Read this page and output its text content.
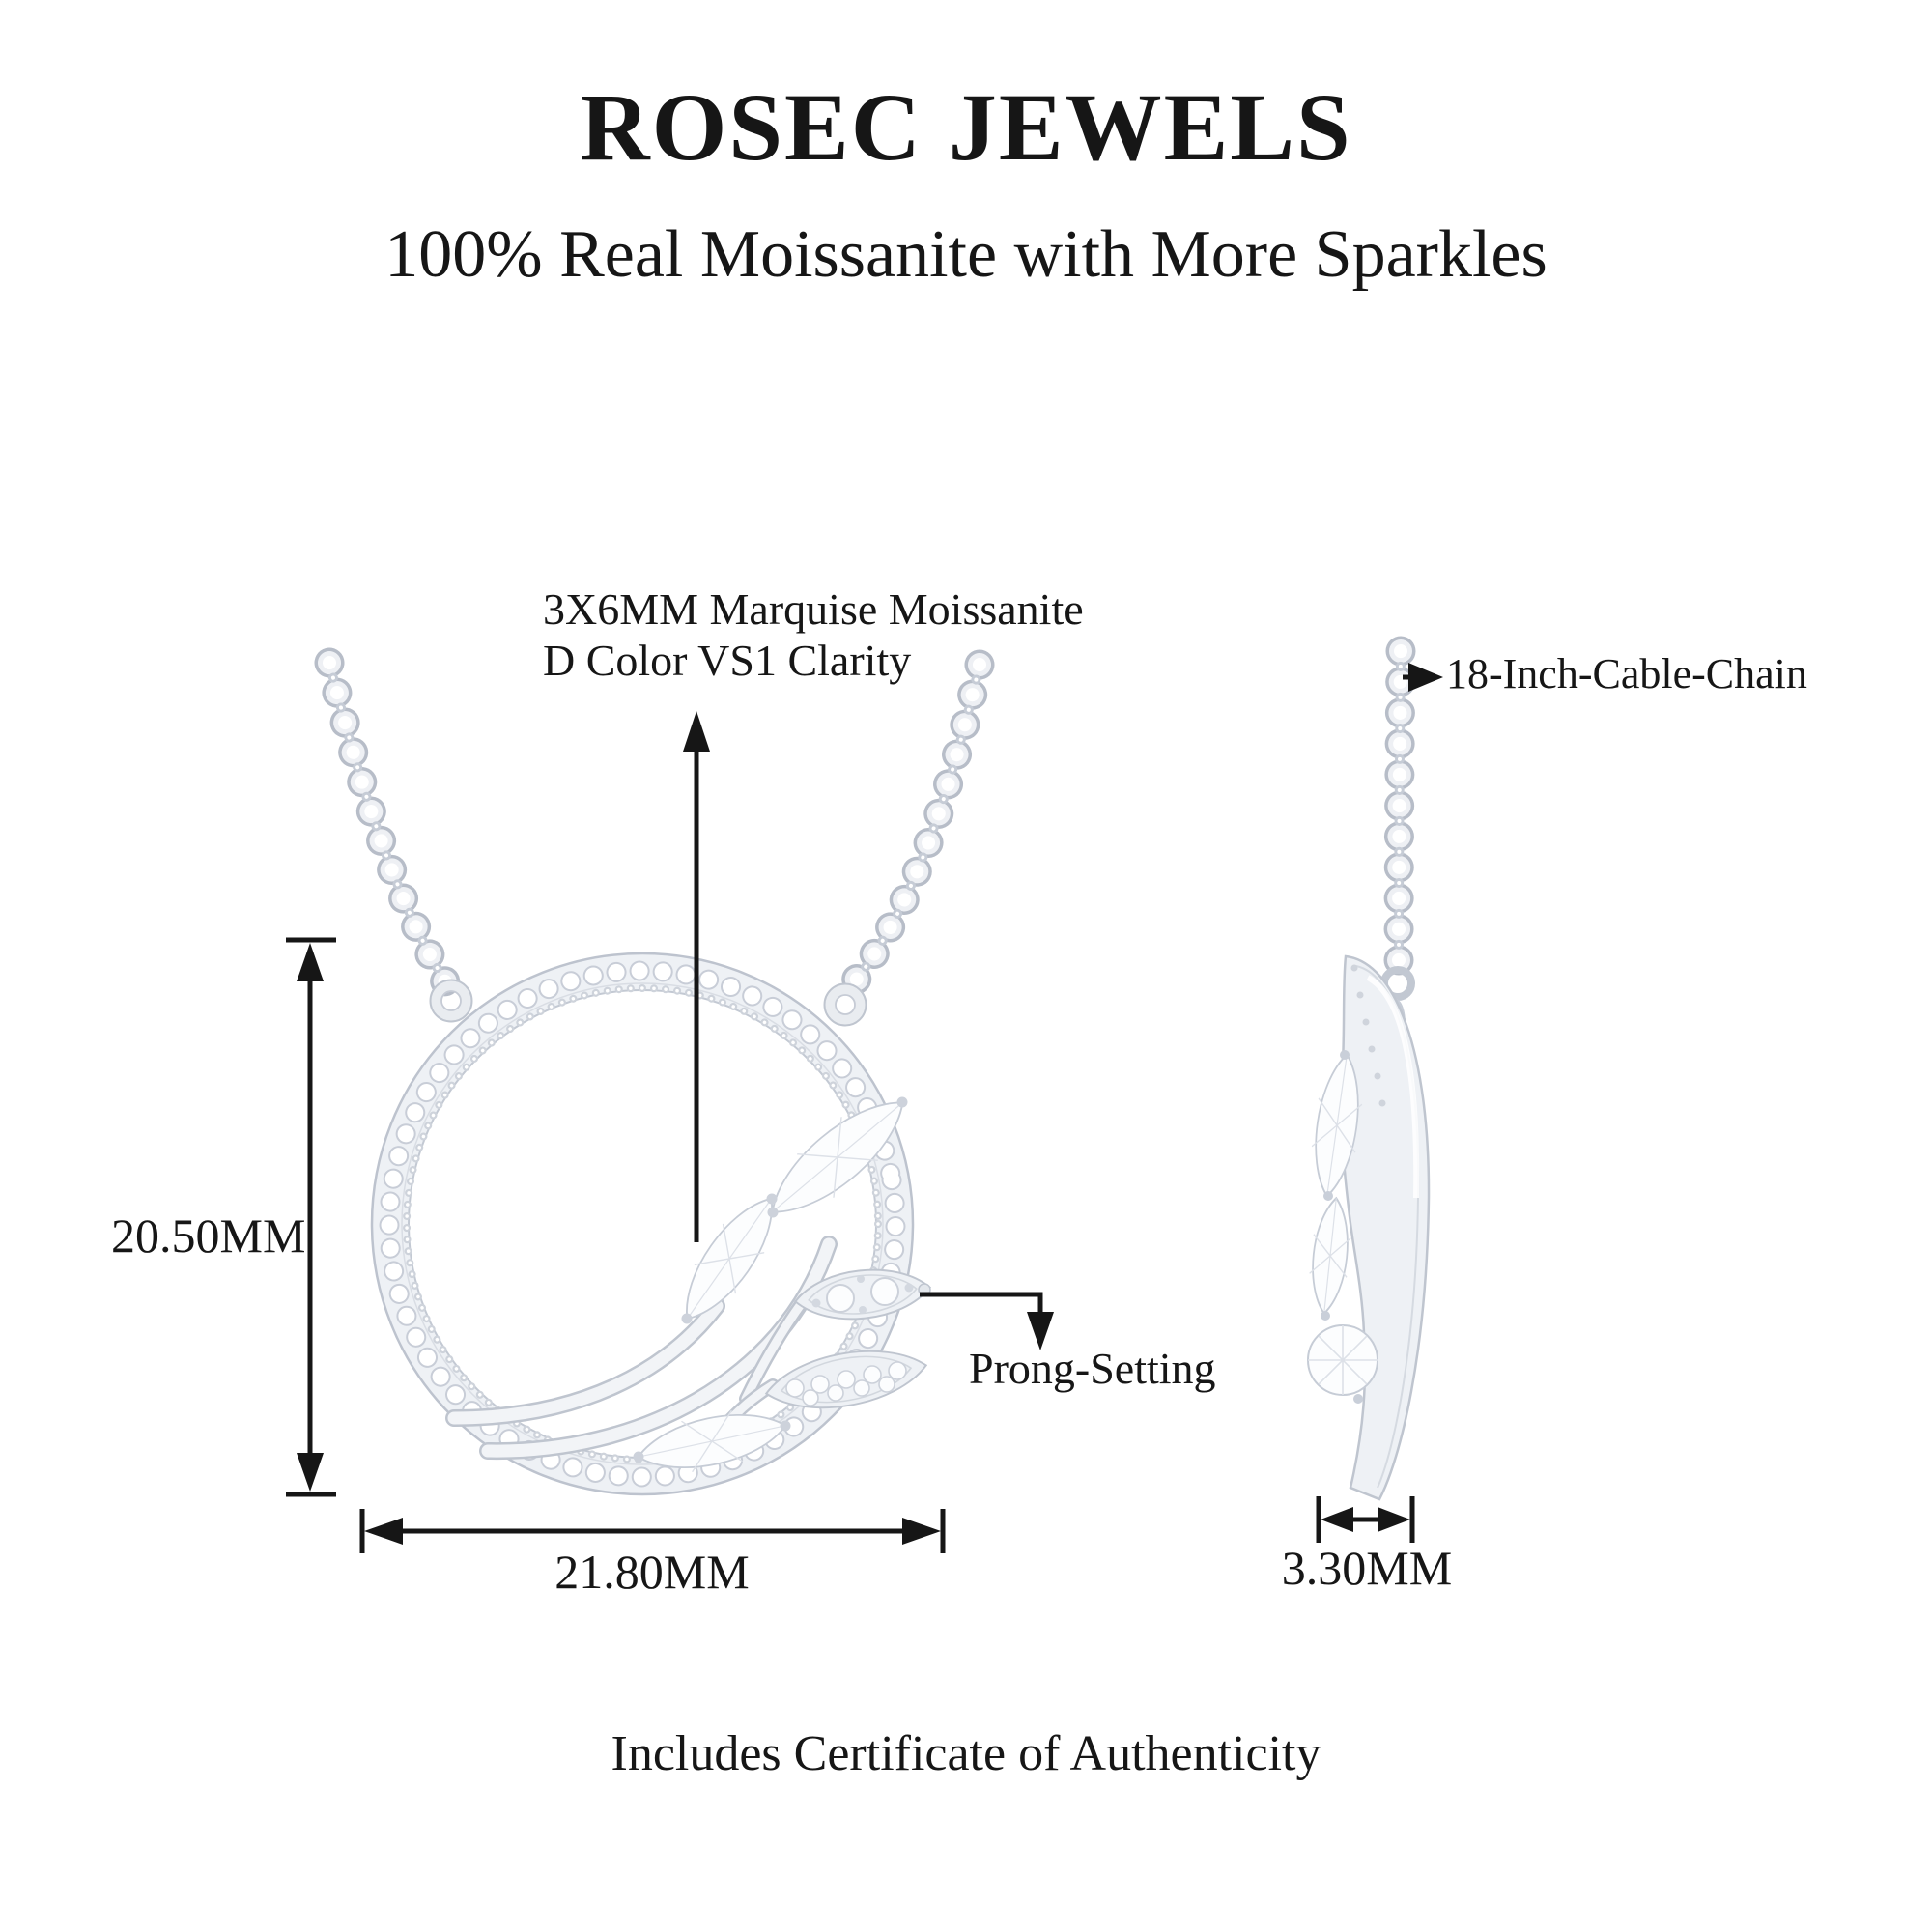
ROSEC JEWELS
100% Real Moissanite with More Sparkles
3X6MM Marquise Moissanite
D Color VS1 Clarity	18-Inch-Cable-Chain
Prong-Setting
20.50MM
21.80MM	3.30MM
Includes Certificate of Authenticity
